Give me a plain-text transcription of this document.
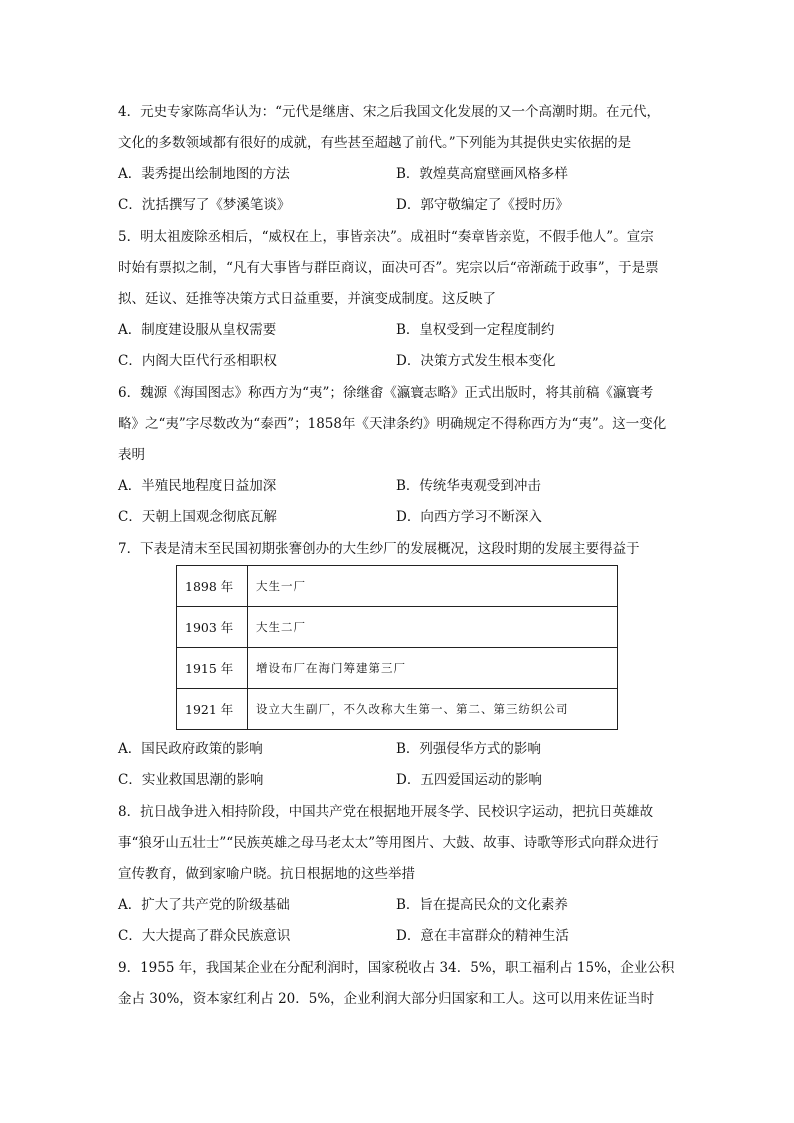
4．元史专家陈高华认为：“元代是继唐、宋之后我国文化发展的又一个高潮时期。在元代，
文化的多数领域都有很好的成就，有些甚至超越了前代。”下列能为其提供史实依据的是
A．裴秀提出绘制地图的方法	B．敦煌莫高窟壁画风格多样
C．沈括撰写了《梦溪笔谈》	D．郭守敬编定了《授时历》
5．明太祖废除丞相后，“威权在上，事皆亲决”。成祖时“奏章皆亲览，不假手他人”。宣宗
时始有票拟之制，“凡有大事皆与群臣商议，面决可否”。宪宗以后“帝渐疏于政事”，于是票
拟、廷议、廷推等决策方式日益重要，并演变成制度。这反映了
A．制度建设服从皇权需要	B．皇权受到一定程度制约
C．内阁大臣代行丞相职权	D．决策方式发生根本变化
6．魏源《海国图志》称西方为“夷”；徐继畬《瀛寰志略》正式出版时，将其前稿《瀛寰考
略》之“夷”字尽数改为“泰西”；1858年《天津条约》明确规定不得称西方为“夷”。这一变化
表明
A．半殖民地程度日益加深	B．传统华夷观受到冲击
C．天朝上国观念彻底瓦解	D．向西方学习不断深入
7．下表是清末至民国初期张謇创办的大生纱厂的发展概况，这段时期的发展主要得益于
1898 年	大生一厂
1903 年	大生二厂
1915 年	增设布厂在海门筹建第三厂
1921 年	设立大生副厂，不久改称大生第一、第二、第三纺织公司
A．国民政府政策的影响	B．列强侵华方式的影响
C．实业救国思潮的影响	D．五四爱国运动的影响
8．抗日战争进入相持阶段，中国共产党在根据地开展冬学、民校识字运动，把抗日英雄故
事“狼牙山五壮士”“民族英雄之母马老太太”等用图片、大鼓、故事、诗歌等形式向群众进行
宣传教育，做到家喻户晓。抗日根据地的这些举措
A．扩大了共产党的阶级基础	B．旨在提高民众的文化素养
C．大大提高了群众民族意识	D．意在丰富群众的精神生活
9．1955 年，我国某企业在分配利润时，国家税收占 34．5%，职工福利占 15%，企业公积
金占 30%，资本家红利占 20．5%，企业利润大部分归国家和工人。这可以用来佐证当时
